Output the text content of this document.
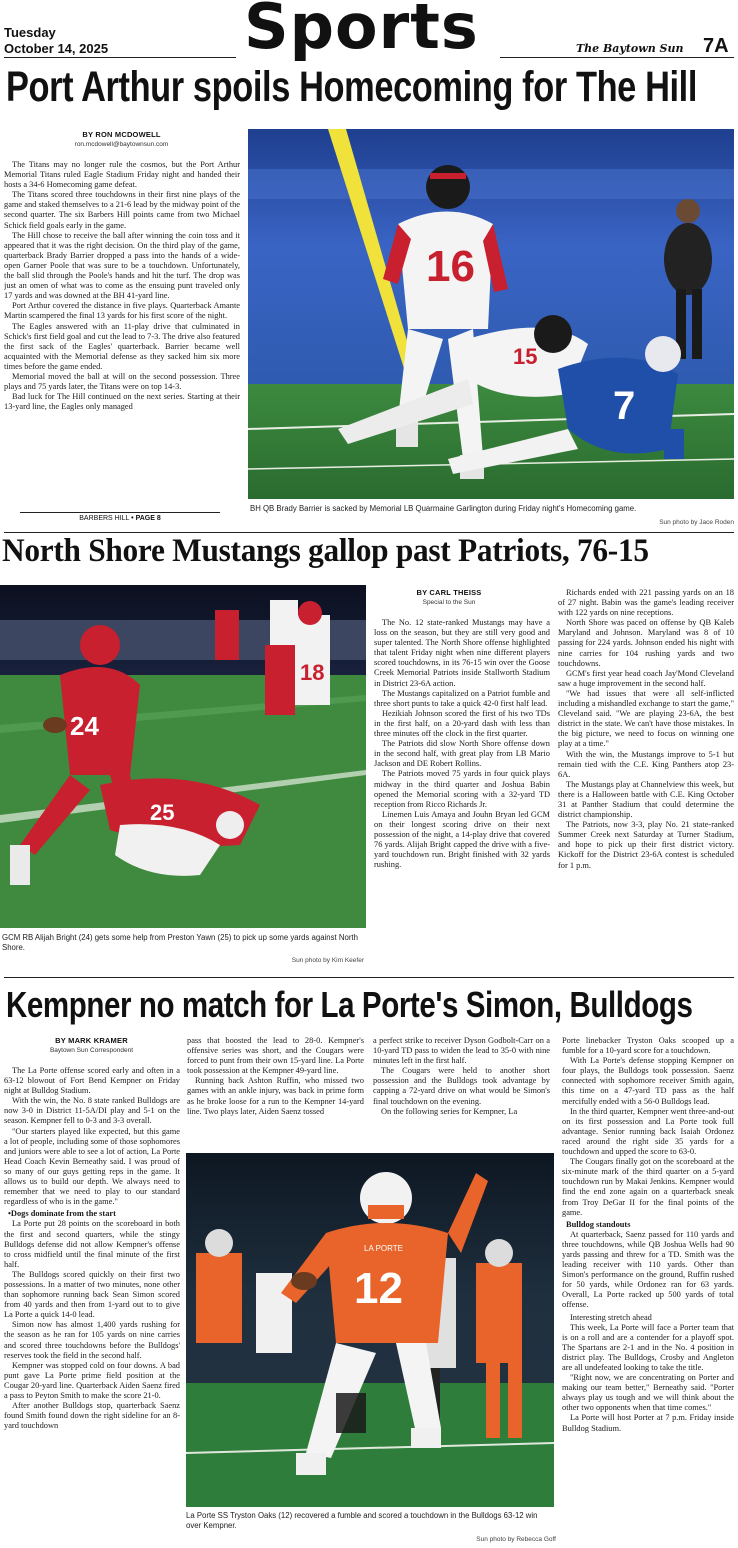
Tuesday
October 14, 2025 Sports	The Baytown Sun 7A
Port Arthur spoils Homecoming for The Hill
BY RON MCDOWELL
ron.mcdowell@baytownsun.com

The Titans may no longer rule the cosmos, but the Port Arthur Memorial Titans ruled Eagle Stadium Friday night and handed their hosts a 34-6 Homecoming game defeat.

The Titans scored three touchdowns in their first nine plays of the game and staked themselves to a 21-6 lead by the midway point of the second quarter. The six Barbers Hill points came from two Michael Schick field goals early in the game.

The Hill chose to receive the ball after winning the coin toss and it appeared that it was the right decision. On the third play of the game, quarterback Brady Barrier dropped a pass into the hands of a wide-open Garner Poole that was sure to be a touchdown. Unfortunately, the ball slid through the Poole's hands and hit the turf. The drop was just an omen of what was to come as the ensuing punt traveled only 17 yards and was downed at the BH 41-yard line.

Port Arthur covered the distance in five plays. Quarterback Amante Martin scampered the final 13 yards for his first score of the night.

The Eagles answered with an 11-play drive that culminated in Schick's first field goal and cut the lead to 7-3. The drive also featured the first sack of the Eagles' quarterback. Barrier became well acquainted with the Memorial defense as they sacked him six more times before the game ended.

Memorial moved the ball at will on the second possession. Three plays and 75 yards later, the Titans were on top 14-3.

Bad luck for The Hill continued on the next series. Starting at their 13-yard line, the Eagles only managed

BARBERS HILL • PAGE 8
16
15
7
BH QB Brady Barrier is sacked by Memorial LB Quarmaine Garlington during Friday night's Homecoming game.
Sun photo by Jace Roden
North Shore Mustangs gallop past Patriots, 76-15
18
24
25
GCM RB Alijah Bright (24) gets some help from Preston Yawn (25) to pick up some yards against North Shore.
Sun photo by Kim Keefer
BY CARL THEISS
Special to the Sun

The No. 12 state-ranked Mustangs may have a loss on the season, but they are still very good and super talented. The North Shore offense highlighted that talent Friday night when nine different players scored touchdowns, in its 76-15 win over the Goose Creek Memorial Patriots inside Stallworth Stadium in District 23-6A action.

The Mustangs capitalized on a Patriot fumble and three short punts to take a quick 42-0 first half lead.

Hezikiah Johnson scored the first of his two TDs in the first half, on a 20-yard dash with less than three minutes off the clock in the first quarter.

The Patriots did slow North Shore offense down in the second half, with great play from LB Mario Jackson and DE Robert Rollins.

The Patriots moved 75 yards in four quick plays midway in the third quarter and Joshua Babin opened the Memorial scoring with a 32-yard TD reception from Ricco Richards Jr.

Linemen Luis Amaya and Jouhn Bryan led GCM on their longest scoring drive on their next possession of the night, a 14-play drive that covered 76 yards. Alijah Bright capped the drive with a five-yard touchdown run. Bright finished with 32 yards rushing.

Richards ended with 221 passing yards on an 18 of 27 night. Babin was the game's leading receiver with 122 yards on nine receptions.

North Shore was paced on offense by QB Kaleb Maryland and Johnson. Maryland was 8 of 10 passing for 224 yards. Johnson ended his night with nine carries for 104 rushing yards and two touchdowns.

GCM's first year head coach Jay'Mond Cleveland saw a huge improvement in the second half.

"We had issues that were all self-inflicted including a mishandled exchange to start the game," Cleveland said. "We are playing 23-6A, the best district in the state. We can't have those mistakes. In the big picture, we need to focus on winning one play at a time."

With the win, the Mustangs improve to 5-1 but remain tied with the C.E. King Panthers atop 23-6A.

The Mustangs play at Channelview this week, but there is a Halloween battle with C.E. King October 31 at Panther Stadium that could determine the district championship.

The Patriots, now 3-3, play No. 21 state-ranked Summer Creek next Saturday at Turner Stadium, and hope to pick up their first district victory. Kickoff for the District 23-6A contest is scheduled for 1 p.m.

Kempner no match for La Porte's Simon, Bulldogs
BY MARK KRAMER
Baytown Sun Correspondent

The La Porte offense scored early and often in a 63-12 blowout of Fort Bend Kempner on Friday night at Bulldog Stadium.

With the win, the No. 8 state ranked Bulldogs are now 3-0 in District 11-5A/DI play and 5-1 on the season. Kempner fell to 0-3 and 3-3 overall.

"Our starters played like expected, but this game a lot of people, including some of those sophomores and juniors were able to see a lot of action, La Porte Head Coach Kevin Berneathy said. I was proud of so many of our guys getting reps in the game. It allows us to build our depth. We always need to remember that we need to play to our standard regardless of who is in the game."

•Dogs dominate from the start

La Porte put 28 points on the scoreboard in both the first and second quarters, while the stingy Bulldogs defense did not allow Kempner's offense to cross midfield until the final minute of the first half.

The Bulldogs scored quickly on their first two possessions. In a matter of two minutes, none other than sophomore running back Sean Simon scored from 40 yards and then from 1-yard out to to give La Porte a quick 14-0 lead.

Simon now has almost 1,400 yards rushing for the season as he ran for 105 yards on nine carries and scored three touchdowns before the Bulldogs' reserves took the field in the second half.

Kempner was stopped cold on four downs. A bad punt gave La Porte prime field position at the Cougar 20-yard line. Quarterback Aiden Saenz fired a pass to Peyton Smith to make the score 21-0.

After another Bulldogs stop, quarterback Saenz found Smith found down the right sideline for an 8-yard touchdown

pass that boosted the lead to 28-0. Kempner's offensive series was short, and the Cougars were forced to punt from their own 15-yard line. La Porte took possession at the Kempner 49-yard line.

Running back Ashton Ruffin, who missed two games with an ankle injury, was back in prime form as he broke loose for a run to the Kempner 14-yard line. Two plays later, Aiden Saenz tossed

a perfect strike to receiver Dyson Godbolt-Carr on a 10-yard TD pass to widen the lead to 35-0 with nine minutes left in the first half.

The Cougars were held to another short possession and the Bulldogs took advantage by capping a 72-yard drive on what would be Simon's final touchdown on the evening.

On the following series for Kempner, La

Porte linebacker Tryston Oaks scooped up a fumble for a 10-yard score for a touchdown.

With La Porte's defense stopping Kempner on four plays, the Bulldogs took possession. Saenz connected with sophomore receiver Smith again, this time on a 47-yard TD pass as the half mercifully ended with a 56-0 Bulldogs lead.

In the third quarter, Kempner went three-and-out on its first possession and La Porte took full advantage. Senior running back Isaiah Ordonez raced around the right side 35 yards for a touchdown and upped the score to 63-0.

The Cougars finally got on the scoreboard at the six-minute mark of the third quarter on a 5-yard touchdown run by Makai Jenkins. Kempner would find the end zone again on a quarterback sneak from Troy DeGar II for the final points of the game.

Bulldog standouts

At quarterback, Saenz passed for 110 yards and three touchdowns, while QB Joshua Wells had 90 yards passing and threw for a TD. Smith was the leading receiver with 110 yards. Other than Simon's performance on the ground, Ruffin rushed for 50 yards, while Ordonez ran for 63 yards. Overall, La Porte racked up 500 yards of total offense.

Interesting stretch ahead

This week, La Porte will face a Porter team that is on a roll and are a contender for a playoff spot. The Spartans are 2-1 and in the No. 4 position in district play. The Bulldogs, Crosby and Angleton are all undefeated looking to take the title.

"Right now, we are concentrating on Porter and making our team better," Berneathy said. "Porter always play us tough and we will think about the other two opponents when that time comes."

La Porte will host Porter at 7 p.m. Friday inside Bulldog Stadium.

LA PORTE
12
La Porte SS Tryston Oaks (12) recovered a fumble and scored a touchdown in the Bulldogs 63-12 win over Kempner.
Sun photo by Rebecca Goff
